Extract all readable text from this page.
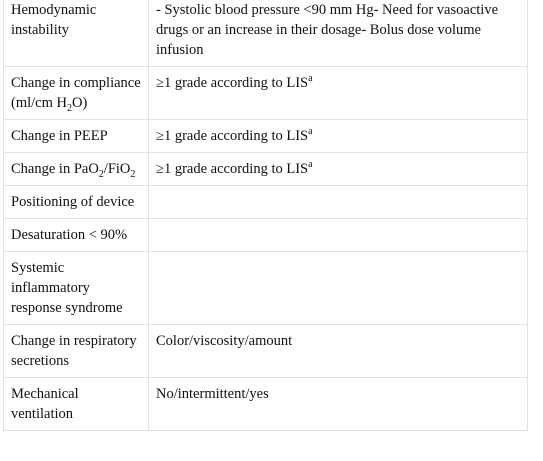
Hemodynamic instability	- Systolic blood pressure <90 mm Hg- Need for vasoactive drugs or an increase in their dosage- Bolus dose volume infusion
Change in compliance (ml/cm $H_2O$)	≥1 grade according to LIS$^a$
Change in PEEP	≥1 grade according to LIS$^a$
Change in PaO$_2$/FiO$_2$	≥1 grade according to LIS$^a$
Positioning of device	
Desaturation < 90%	
Systemic inflammatory response syndrome	
Change in respiratory secretions	Color/viscosity/amount
Mechanical ventilation	No/intermittent/yes
